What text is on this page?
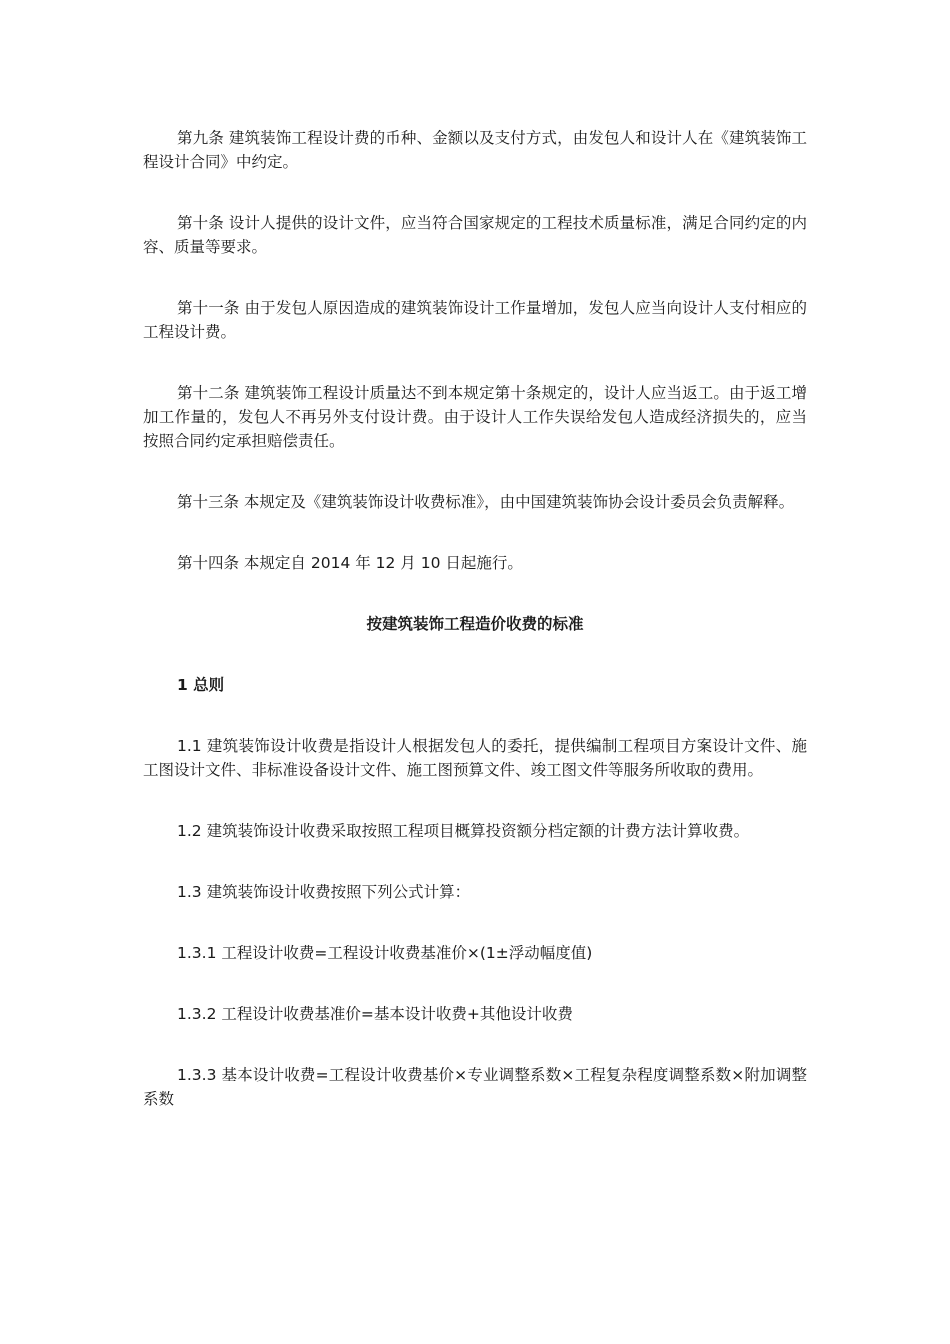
第九条 建筑装饰工程设计费的币种、金额以及支付方式，由发包人和设计人在《建筑装饰工程设计合同》中约定。

第十条 设计人提供的设计文件，应当符合国家规定的工程技术质量标准，满足合同约定的内容、质量等要求。

第十一条 由于发包人原因造成的建筑装饰设计工作量增加，发包人应当向设计人支付相应的工程设计费。

第十二条 建筑装饰工程设计质量达不到本规定第十条规定的，设计人应当返工。由于返工增加工作量的，发包人不再另外支付设计费。由于设计人工作失误给发包人造成经济损失的，应当按照合同约定承担赔偿责任。

第十三条 本规定及《建筑装饰设计收费标准》，由中国建筑装饰协会设计委员会负责解释。

第十四条 本规定自 2014 年 12 月 10 日起施行。

按建筑装饰工程造价收费的标准

1 总则

1.1 建筑装饰设计收费是指设计人根据发包人的委托，提供编制工程项目方案设计文件、施工图设计文件、非标准设备设计文件、施工图预算文件、竣工图文件等服务所收取的费用。

1.2 建筑装饰设计收费采取按照工程项目概算投资额分档定额的计费方法计算收费。

1.3 建筑装饰设计收费按照下列公式计算：

1.3.1 工程设计收费=工程设计收费基准价×(1±浮动幅度值)

1.3.2 工程设计收费基准价=基本设计收费+其他设计收费

1.3.3 基本设计收费=工程设计收费基价×专业调整系数×工程复杂程度调整系数×附加调整系数
